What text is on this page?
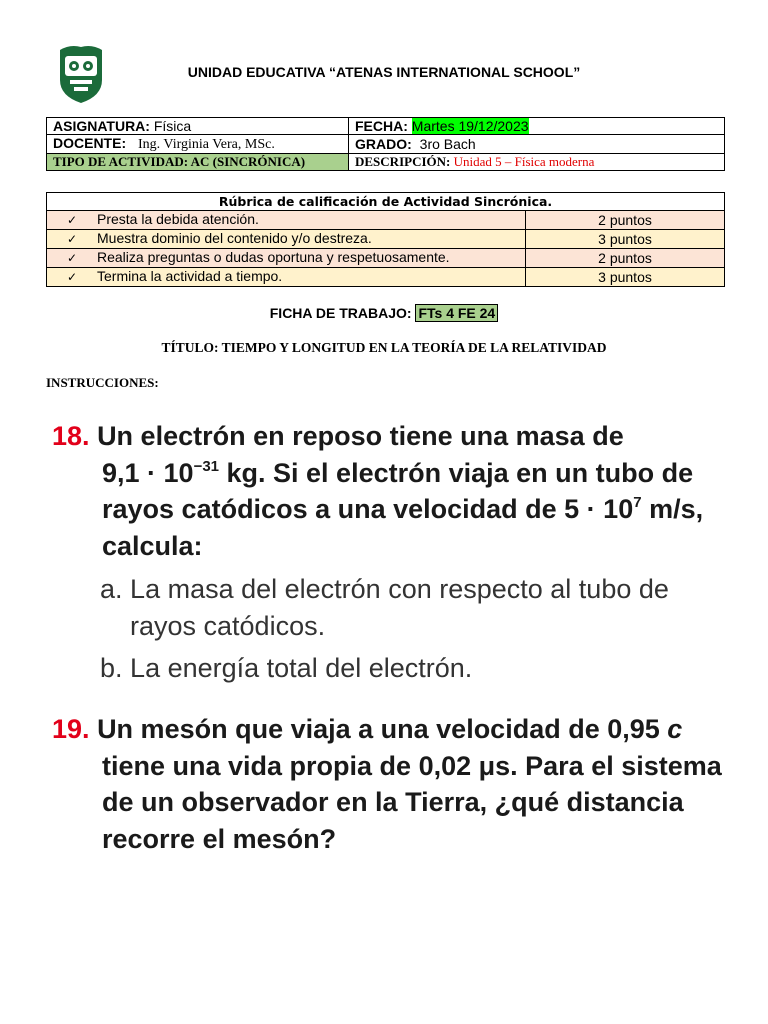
UNIDAD EDUCATIVA “ATENAS INTERNATIONAL SCHOOL”
ASIGNATURA: Física	FECHA: Martes 19/12/2023
DOCENTE: Ing. Virginia Vera, MSc.	GRADO: 3ro Bach
TIPO DE ACTIVIDAD: AC (SINCRÓNICA)	DESCRIPCIÓN: Unidad 5 – Física moderna
Rúbrica de calificación de Actividad Sincrónica.	
✓ Presta la debida atención.	2 puntos
✓ Muestra dominio del contenido y/o destreza.	3 puntos
✓ Realiza preguntas o dudas oportuna y respetuosamente.	2 puntos
✓ Termina la actividad a tiempo.	3 puntos
FICHA DE TRABAJO: FTs 4 FE 24
TÍTULO: TIEMPO Y LONGITUD EN LA TEORÍA DE LA RELATIVIDAD
INSTRUCCIONES:
18. Un electrón en reposo tiene una masa de
$9,1 \cdot 10^{-31}$ kg. Si el electrón viaja en un tubo de
rayos catódicos a una velocidad de $5 \cdot 10^7$ m/s,
calcula:
a. La masa del electrón con respecto al tubo de
rayos catódicos.
b. La energía total del electrón.
19. Un mesón que viaja a una velocidad de 0,95 c
tiene una vida propia de 0,02 μs. Para el sistema
de un observador en la Tierra, ¿qué distancia
recorre el mesón?
